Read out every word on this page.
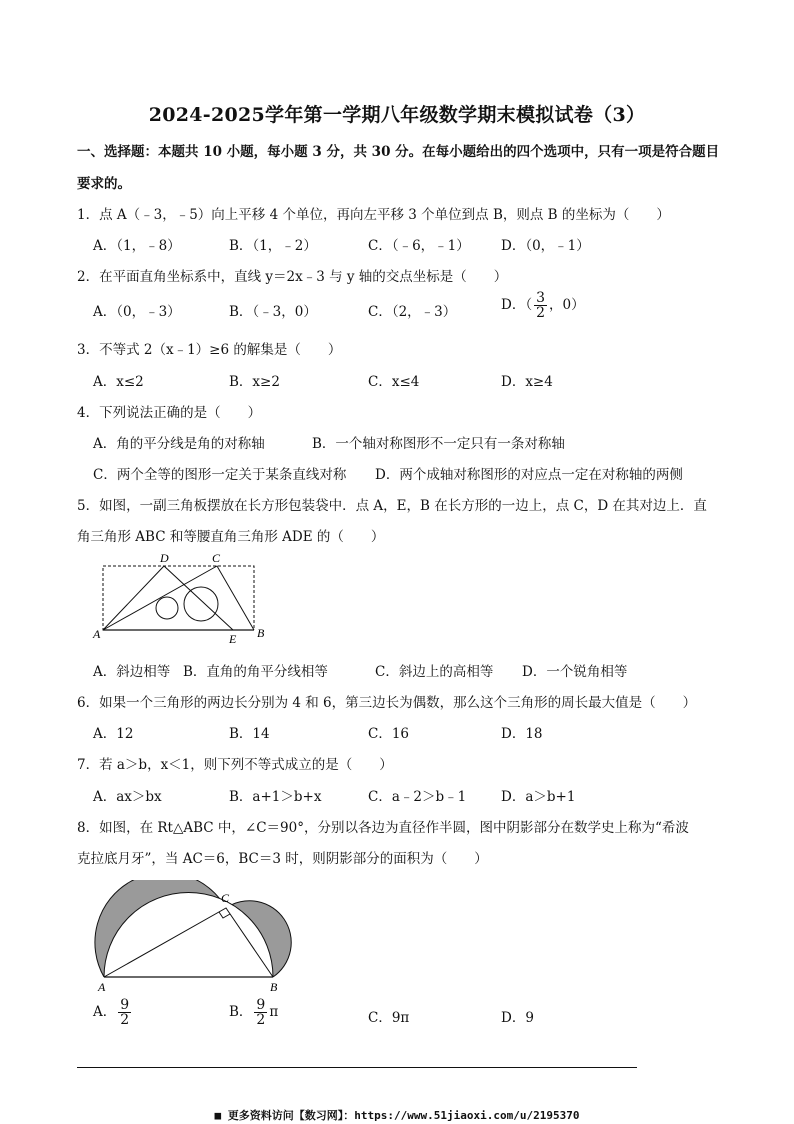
2024-2025学年第一学期八年级数学期末模拟试卷（3）
一、选择题：本题共 10 小题，每小题 3 分，共 30 分。在每小题给出的四个选项中，只有一项是符合题目
要求的。
1．点 A（﹣3，﹣5）向上平移 4 个单位，再向左平移 3 个单位到点 B，则点 B 的坐标为（　　）
A．（1，﹣8）	B．（1，﹣2）	C．（﹣6，﹣1） D．（0，﹣1）
2．在平面直角坐标系中，直线 y＝2x﹣3 与 y 轴的交点坐标是（　　）
A．（0，﹣3）	B．（﹣3，0）	C．（2，﹣3）	D．（ $\frac{3}{2}$ ，0）
3．不等式 2（x﹣1）≥6 的解集是（　　）
A．x≤2	B．x≥2	C．x≤4	D．x≥4
4．下列说法正确的是（　　）
A．角的平分线是角的对称轴	B．一个轴对称图形不一定只有一条对称轴
C．两个全等的图形一定关于某条直线对称 D．两个成轴对称图形的对应点一定在对称轴的两侧
5．如图，一副三角板摆放在长方形包装袋中．点 A，E，B 在长方形的一边上，点 C，D 在其对边上．直
角三角形 ABC 和等腰直角三角形 ADE 的（　　）
D	C
A	E B
A．斜边相等 B．直角的角平分线相等	C．斜边上的高相等 D．一个锐角相等
6．如果一个三角形的两边长分别为 4 和 6，第三边长为偶数，那么这个三角形的周长最大值是（　　）
A．12	B．14	C．16	D．18
7．若 a＞b，x＜1，则下列不等式成立的是（　　）
A．ax＞bx	B．a+1＞b+x	C．a﹣2＞b﹣1	D．a＞b+1
8．如图，在 Rt△ABC 中，∠C＝90°，分别以各边为直径作半圆，图中阴影部分在数学史上称为“希波
克拉底月牙”，当 AC＝6，BC＝3 时，则阴影部分的面积为（　　）
C
A	B
A． $\frac{9}{2}$	B． $\frac{9}{2}$ π	C．9π	D．9
■ 更多资料访问【数习网】：https://www.51jiaoxi.com/u/2195370
